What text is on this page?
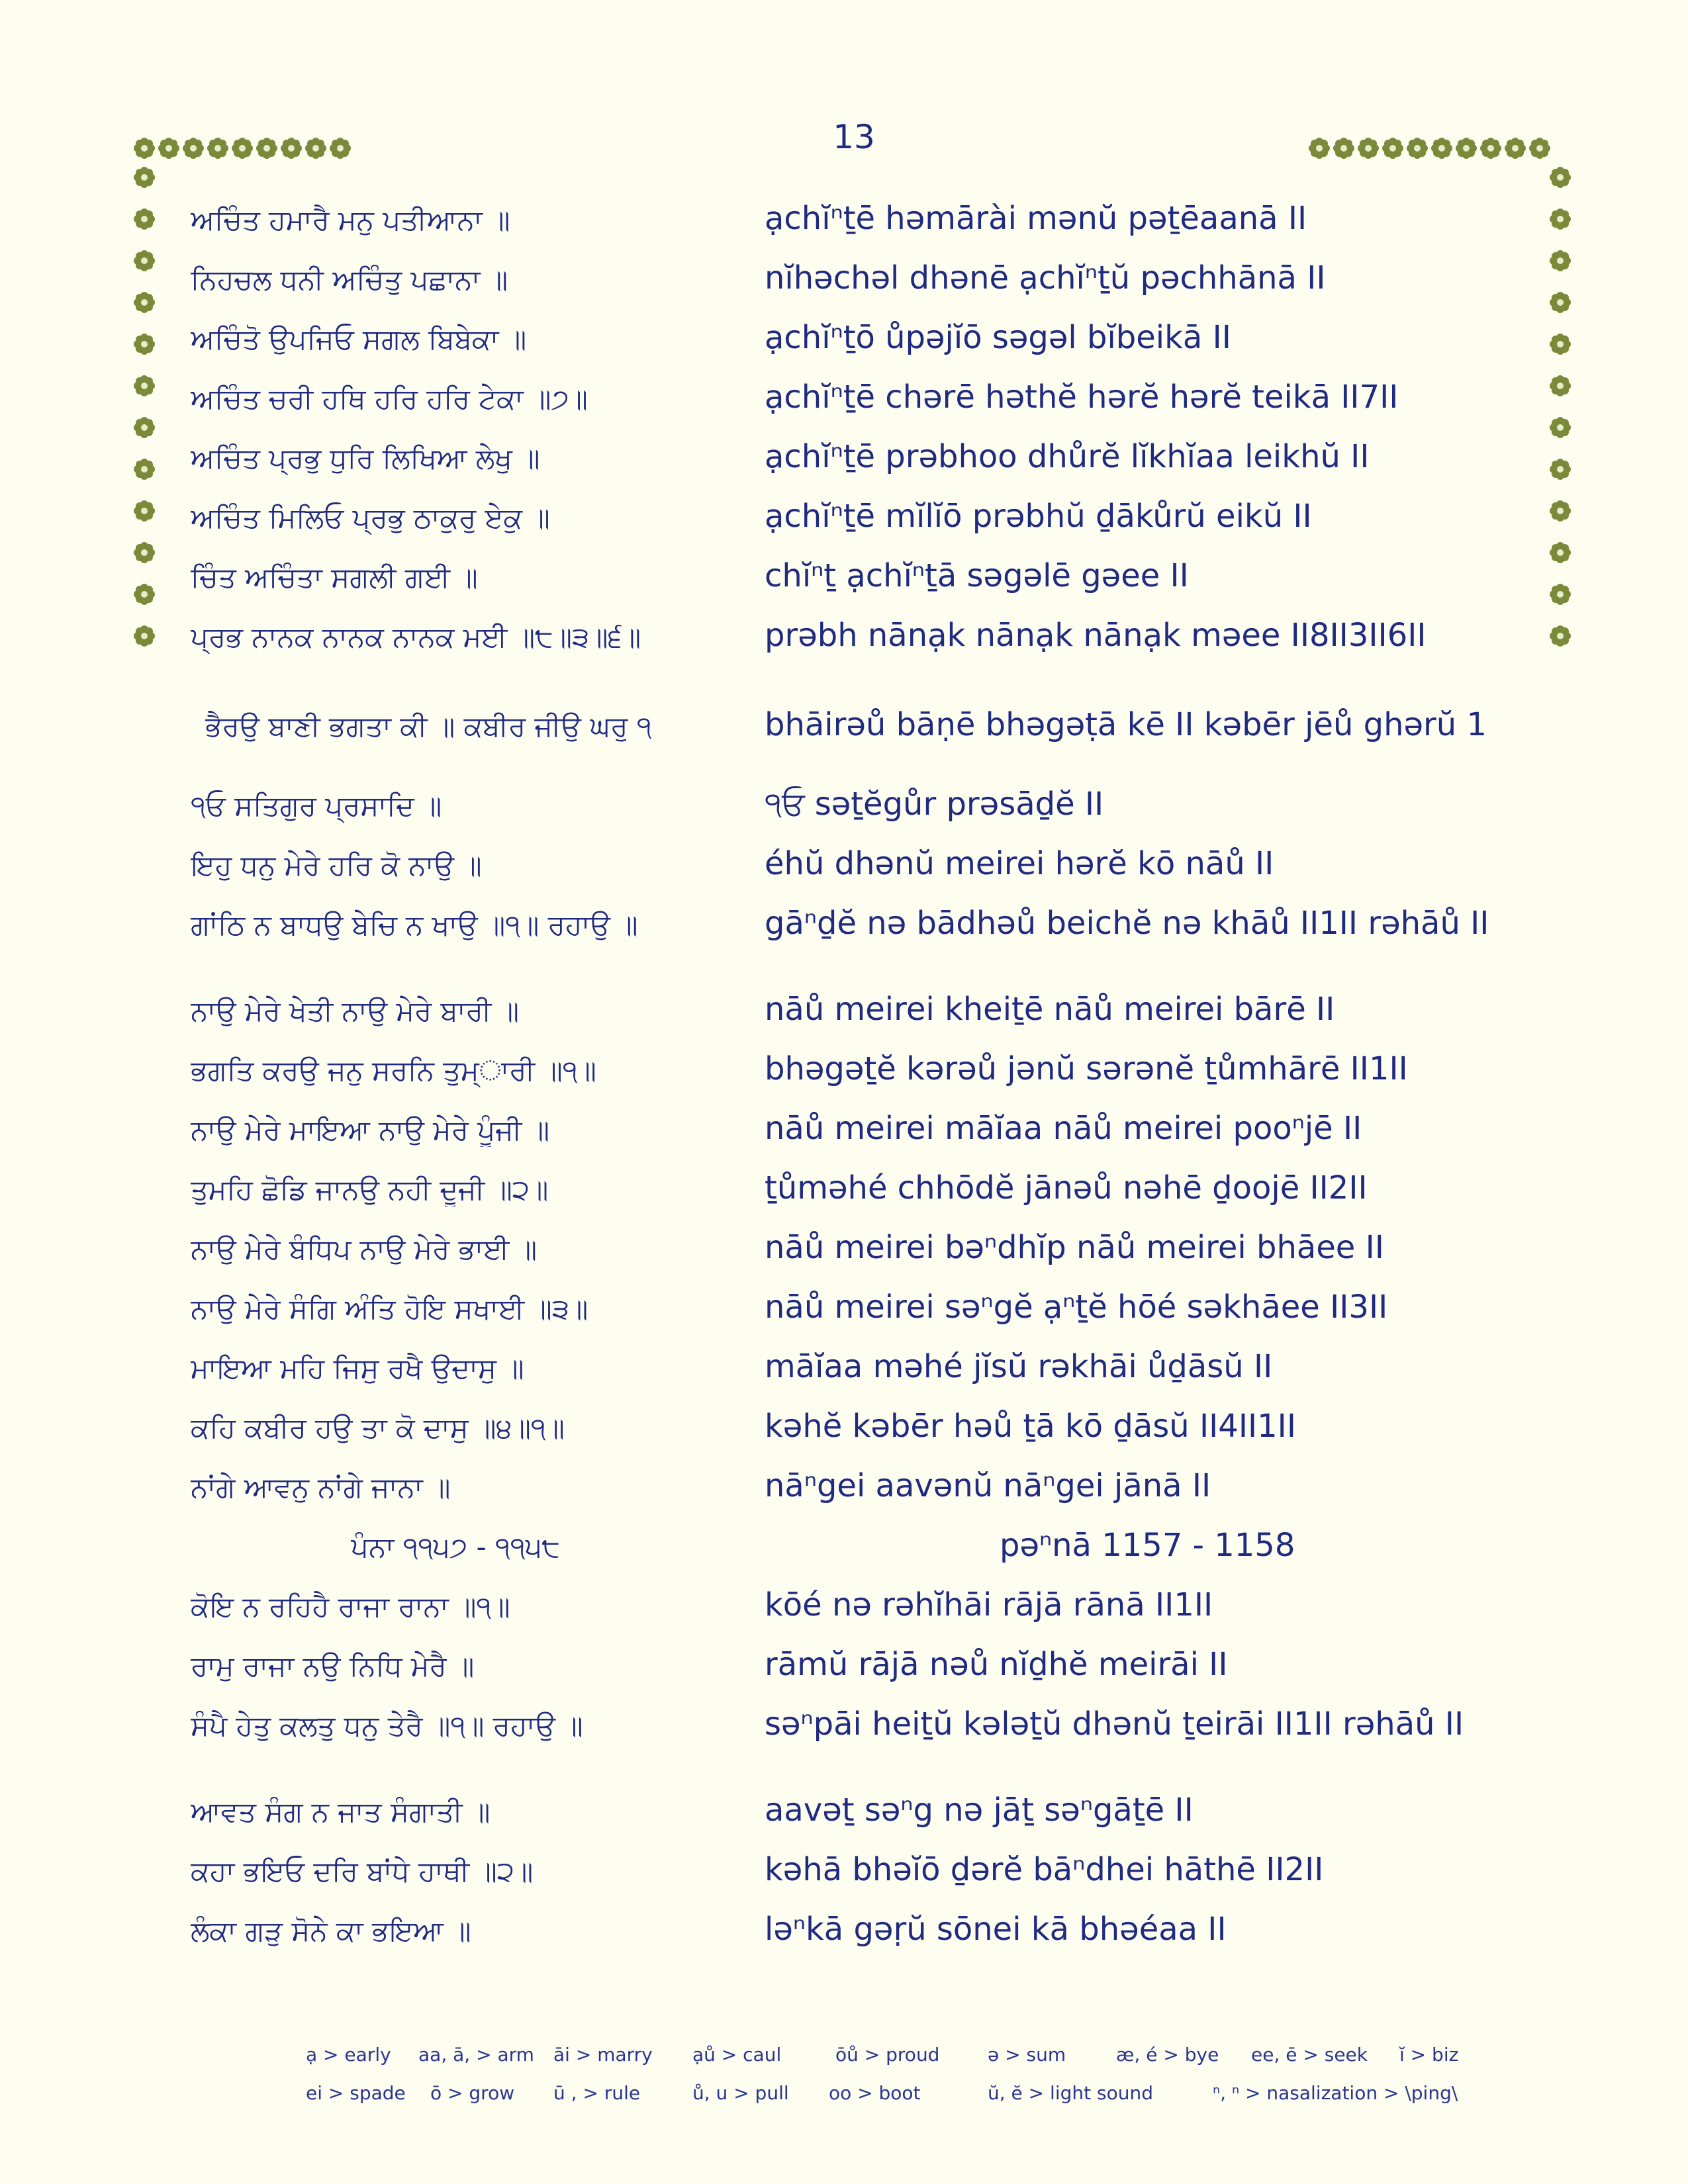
13
ਅਚਿੰਤ ਹਮਾਰੈ ਮਨੁ ਪਤੀਆਨਾ ॥	ạchĭⁿṯē həmārài mənŭ pəṯēaanā II
ਨਿਹਚਲ ਧਨੀ ਅਚਿੰਤੁ ਪਛਾਨਾ ॥	nĭhəchəl dhənē ạchĭⁿṯŭ pəchhānā II
ਅਚਿੰਤੋ ਉਪਜਿਓ ਸਗਲ ਬਿਬੇਕਾ ॥	ạchĭⁿṯō ůpəjĭō səgəl bĭbeikā II
ਅਚਿੰਤ ਚਰੀ ਹਥਿ ਹਰਿ ਹਰਿ ਟੇਕਾ ॥੭॥	ạchĭⁿṯē chərē həthĕ hərĕ hərĕ teikā II7II
ਅਚਿੰਤ ਪ੍ਰਭੁ ਧੁਰਿ ਲਿਖਿਆ ਲੇਖੁ ॥	ạchĭⁿṯē prəbhoo dhůrĕ lĭkhĭaa leikhŭ II
ਅਚਿੰਤ ਮਿਲਿਓ ਪ੍ਰਭੁ ਠਾਕੁਰੁ ਏਕੁ ॥	ạchĭⁿṯē mĭlĭō prəbhŭ ḏākůrŭ eikŭ II
ਚਿੰਤ ਅਚਿੰਤਾ ਸਗਲੀ ਗਈ ॥	chĭⁿṯ ạchĭⁿṯā səgəlē gəee II
ਪ੍ਰਭ ਨਾਨਕ ਨਾਨਕ ਨਾਨਕ ਮਈ ॥੮॥੩॥੬॥	prəbh nānạk nānạk nānạk məee II8II3II6II
ਭੈਰਉ ਬਾਣੀ ਭਗਤਾ ਕੀ ॥ ਕਬੀਰ ਜੀਉ ਘਰੁ ੧	bhāirəů bāṇē bhəgəṭā kē II kəbēr jēů ghərŭ 1
੧ਓ ਸਤਿਗੁਰ ਪ੍ਰਸਾਦਿ ॥	੧ਓ səṯĕgůr prəsāḏĕ II
ਇਹੁ ਧਨੁ ਮੇਰੇ ਹਰਿ ਕੋ ਨਾਉ ॥	éhŭ dhənŭ meirei hərĕ kō nāů II
ਗਾਂਠਿ ਨ ਬਾਧਉ ਬੇਚਿ ਨ ਖਾਉ ॥੧॥ ਰਹਾਉ ॥	gāⁿḏĕ nə bādhəů beichĕ nə khāů II1II rəhāů II
ਨਾਉ ਮੇਰੇ ਖੇਤੀ ਨਾਉ ਮੇਰੇ ਬਾਰੀ ॥	nāů meirei kheiṯē nāů meirei bārē II
ਭਗਤਿ ਕਰਉ ਜਨੁ ਸਰਨਿ ਤੁਮ੍ਾਰੀ ॥੧॥	bhəgəṯĕ kərəů jənŭ sərənĕ ṯůmhārē II1II
ਨਾਉ ਮੇਰੇ ਮਾਇਆ ਨਾਉ ਮੇਰੇ ਪੂੰਜੀ ॥	nāů meirei māĭaa nāů meirei pooⁿjē II
ਤੁਮਹਿ ਛੋਡਿ ਜਾਨਉ ਨਹੀ ਦੂਜੀ ॥੨॥	ṯůməhé chhōdĕ jānəů nəhē ḏoojē II2II
ਨਾਉ ਮੇਰੇ ਬੰਧਿਪ ਨਾਉ ਮੇਰੇ ਭਾਈ ॥	nāů meirei bəⁿdhĭp nāů meirei bhāee II
ਨਾਉ ਮੇਰੇ ਸੰਗਿ ਅੰਤਿ ਹੋਇ ਸਖਾਈ ॥੩॥	nāů meirei səⁿgĕ ạⁿṯĕ hōé səkhāee II3II
ਮਾਇਆ ਮਹਿ ਜਿਸੁ ਰਖੈ ਉਦਾਸੁ ॥	māĭaa məhé jĭsŭ rəkhāi ůḏāsŭ II
ਕਹਿ ਕਬੀਰ ਹਉ ਤਾ ਕੋ ਦਾਸੁ ॥੪॥੧॥	kəhĕ kəbēr həů ṯā kō ḏāsŭ II4II1II
ਨਾਂਗੇ ਆਵਨੁ ਨਾਂਗੇ ਜਾਨਾ ॥	nāⁿgei aavənŭ nāⁿgei jānā II
ਪੰਨਾ ੧੧੫੭ - ੧੧੫੮	pəⁿnā 1157 - 1158
ਕੋਇ ਨ ਰਹਿਹੈ ਰਾਜਾ ਰਾਨਾ ॥੧॥	kōé nə rəhĭhāi rājā rānā II1II
ਰਾਮੁ ਰਾਜਾ ਨਉ ਨਿਧਿ ਮੇਰੈ ॥	rāmŭ rājā nəů nĭḏhĕ meirāi II
ਸੰਪੈ ਹੇਤੁ ਕਲਤੁ ਧਨੁ ਤੇਰੈ ॥੧॥ ਰਹਾਉ ॥	səⁿpāi heiṯŭ kələṯŭ dhənŭ ṯeirāi II1II rəhāů II
ਆਵਤ ਸੰਗ ਨ ਜਾਤ ਸੰਗਾਤੀ ॥	aavəṯ səⁿg nə jāṯ səⁿgāṯē II
ਕਹਾ ਭਇਓ ਦਰਿ ਬਾਂਧੇ ਹਾਥੀ ॥੨॥	kəhā bhəĭō ḏərĕ bāⁿdhei hāthē II2II
ਲੰਕਾ ਗੜੁ ਸੋਨੇ ਕਾ ਭਇਆ ॥	ləⁿkā gəṛŭ sōnei kā bhəéaa II
ạ > early aa, ā, > arm āi > marry ạů > caul	ōů > proud	ə > sum	æ, é > bye ee, ē > seek ĭ > biz
ei > spade ō > grow ū , > rule	ů, u > pull oo > boot	ŭ, ĕ > light sound	ⁿ, ⁿ > nasalization > \ping\
